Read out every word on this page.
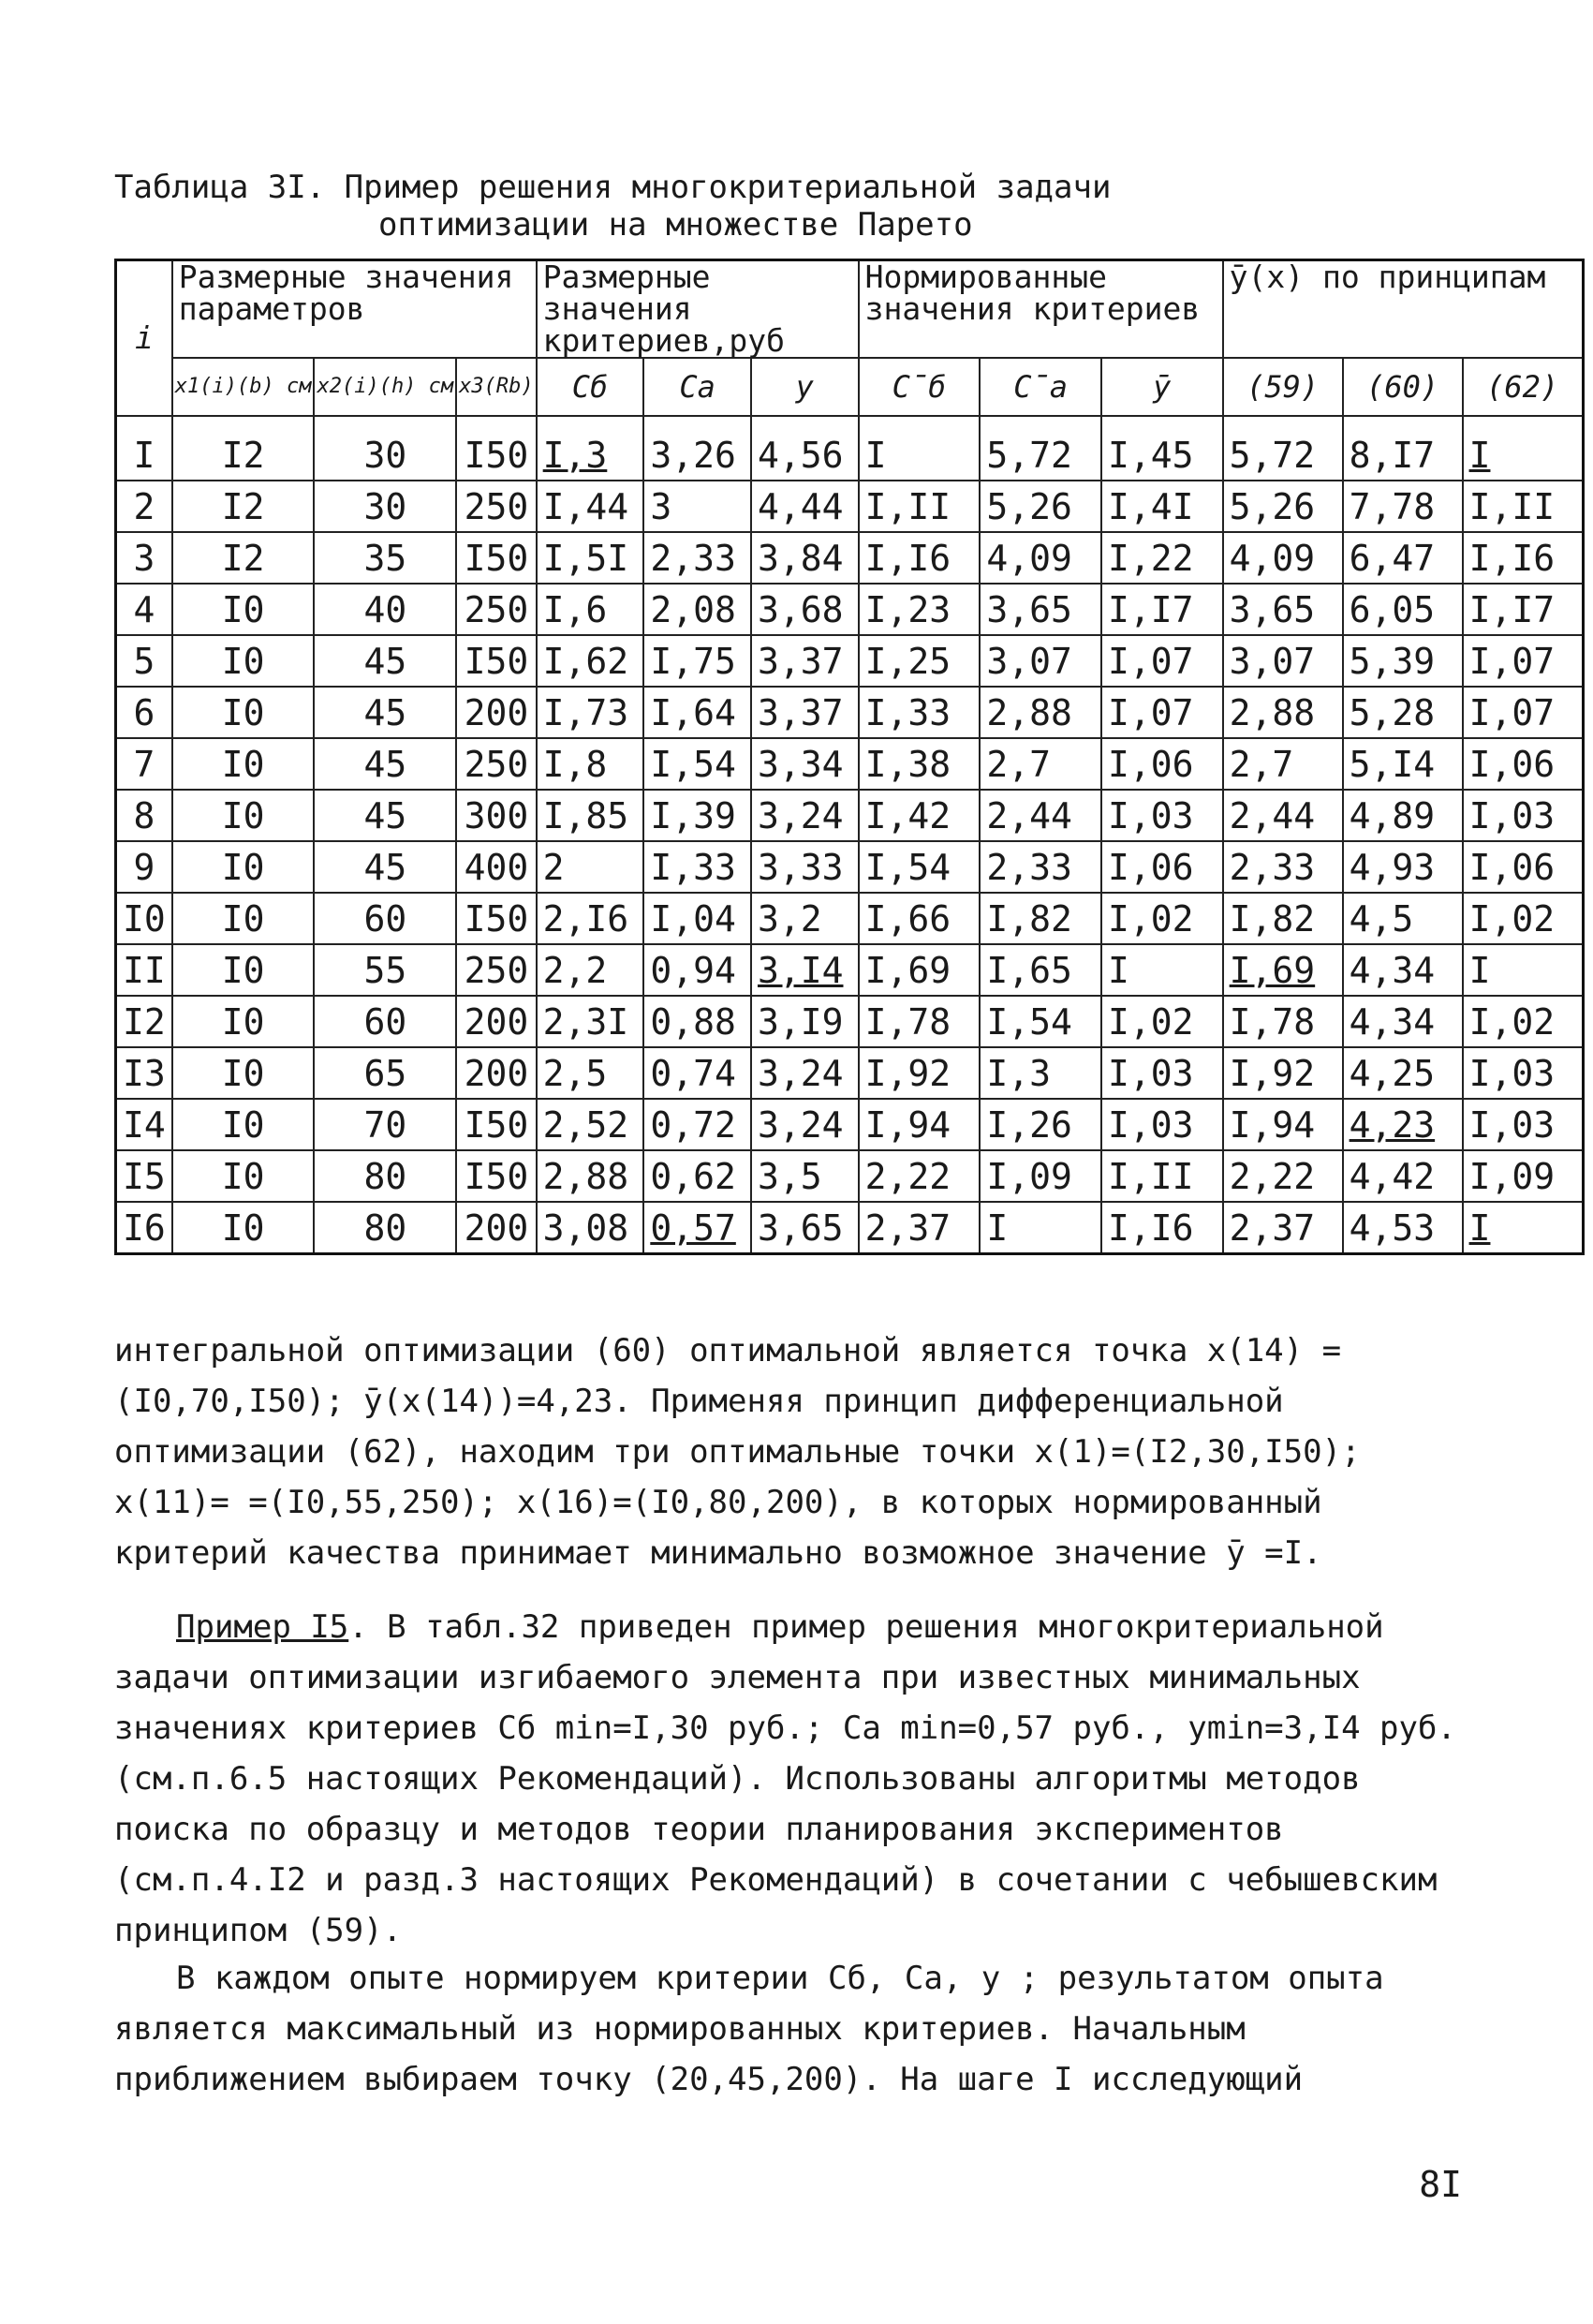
Таблица 3I. Пример решения многокритериальной задачи
оптимизации на множестве Парето
i	Размерные значения параметров			Размерные значения критериев,руб			Нормированные значения критериев			ӯ(x) по принципам		
	x1(i)(b) см	x2(i)(h) см	x3(Rb)	Cб	Ca	y	C̄б	C̄a	ȳ	(59)	(60)	(62)
I	I2	30	I50	I,3	3,26	4,56	I	5,72	I,45	5,72	8,I7	I
2	I2	30	250	I,44	3	4,44	I,II	5,26	I,4I	5,26	7,78	I,II
3	I2	35	I50	I,5I	2,33	3,84	I,I6	4,09	I,22	4,09	6,47	I,I6
4	I0	40	250	I,6	2,08	3,68	I,23	3,65	I,I7	3,65	6,05	I,I7
5	I0	45	I50	I,62	I,75	3,37	I,25	3,07	I,07	3,07	5,39	I,07
6	I0	45	200	I,73	I,64	3,37	I,33	2,88	I,07	2,88	5,28	I,07
7	I0	45	250	I,8	I,54	3,34	I,38	2,7	I,06	2,7	5,I4	I,06
8	I0	45	300	I,85	I,39	3,24	I,42	2,44	I,03	2,44	4,89	I,03
9	I0	45	400	2	I,33	3,33	I,54	2,33	I,06	2,33	4,93	I,06
I0	I0	60	I50	2,I6	I,04	3,2	I,66	I,82	I,02	I,82	4,5	I,02
II	I0	55	250	2,2	0,94	3,I4	I,69	I,65	I	I,69	4,34	I
I2	I0	60	200	2,3I	0,88	3,I9	I,78	I,54	I,02	I,78	4,34	I,02
I3	I0	65	200	2,5	0,74	3,24	I,92	I,3	I,03	I,92	4,25	I,03
I4	I0	70	I50	2,52	0,72	3,24	I,94	I,26	I,03	I,94	4,23	I,03
I5	I0	80	I50	2,88	0,62	3,5	2,22	I,09	I,II	2,22	4,42	I,09
I6	I0	80	200	3,08	0,57	3,65	2,37	I	I,I6	2,37	4,53	I
интегральной оптимизации (60) оптимальной является точка x(14) = (I0,70,I50); ӯ(x(14))=4,23. Применяя принцип дифференциальной оптимизации (62), находим три оптимальные точки x(1)=(I2,30,I50); x(11)= =(I0,55,250); x(16)=(I0,80,200), в которых нормированный критерий качества принимает минимально возможное значение ӯ =I.
Пример I5. В табл.32 приведен пример решения многокритериальной задачи оптимизации изгибаемого элемента при известных минимальных значениях критериев Cб min=I,30 руб.; Ca min=0,57 руб., ymin=3,I4 руб. (см.п.6.5 настоящих Рекомендаций). Использованы алгоритмы методов поиска по образцу и методов теории планирования экспериментов (см.п.4.I2 и разд.3 настоящих Рекомендаций) в сочетании с чебышевским принципом (59).
В каждом опыте нормируем критерии Cб, Ca, y ; результатом опыта является максимальный из нормированных критериев. Начальным приближением выбираем точку (20,45,200). На шаге I исследующий
8I
